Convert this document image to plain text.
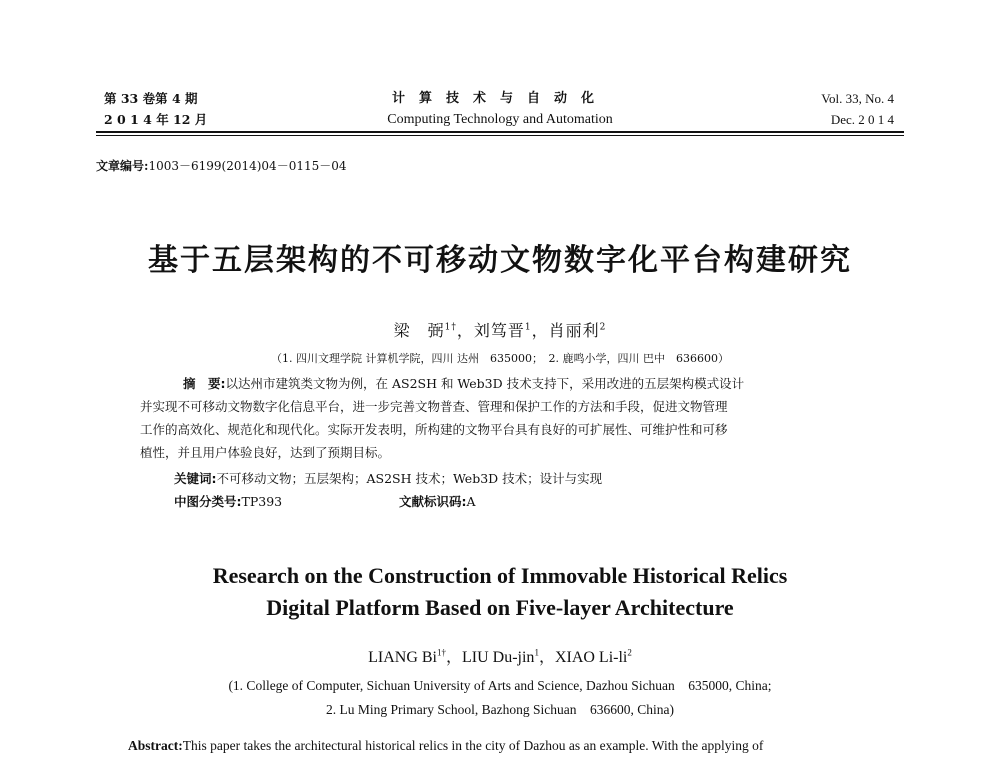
第 33 卷第 4 期
2 0 1 4 年 12 月
计算技术与自动化
Computing Technology and Automation
Vol. 33, No. 4
Dec. 2 0 1 4
文章编号:1003－6199(2014)04－0115－04
基于五层架构的不可移动文物数字化平台构建研究
梁　弼$^{1\dagger}$，刘笃晋$^1$，肖丽利$^2$
（1. 四川文理学院 计算机学院，四川 达州　635000；　2. 鹿鸣小学，四川 巴中　636600）
摘　要:以达州市建筑类文物为例，在 AS2SH 和 Web3D 技术支持下，采用改进的五层架构模式设计
并实现不可移动文物数字化信息平台，进一步完善文物普查、管理和保护工作的方法和手段，促进文物管理
工作的高效化、规范化和现代化。实际开发表明，所构建的文物平台具有良好的可扩展性、可维护性和可移
植性，并且用户体验良好，达到了预期目标。
关键词:不可移动文物；五层架构；AS2SH 技术；Web3D 技术；设计与实现
中图分类号:TP393	文献标识码:A
Research on the Construction of Immovable Historical Relics
Digital Platform Based on Five-layer Architecture
LIANG $Bi^{1\dagger}$，LIU Du-jin$^1$，XIAO $Li-li^2$
(1. College of Computer, Sichuan University of Arts and Science, Dazhou Sichuan　635000, China;
2. Lu Ming Primary School, Bazhong Sichuan　636600, China)
Abstract:This paper takes the architectural historical relics in the city of Dazhou as an example. With the applying of
